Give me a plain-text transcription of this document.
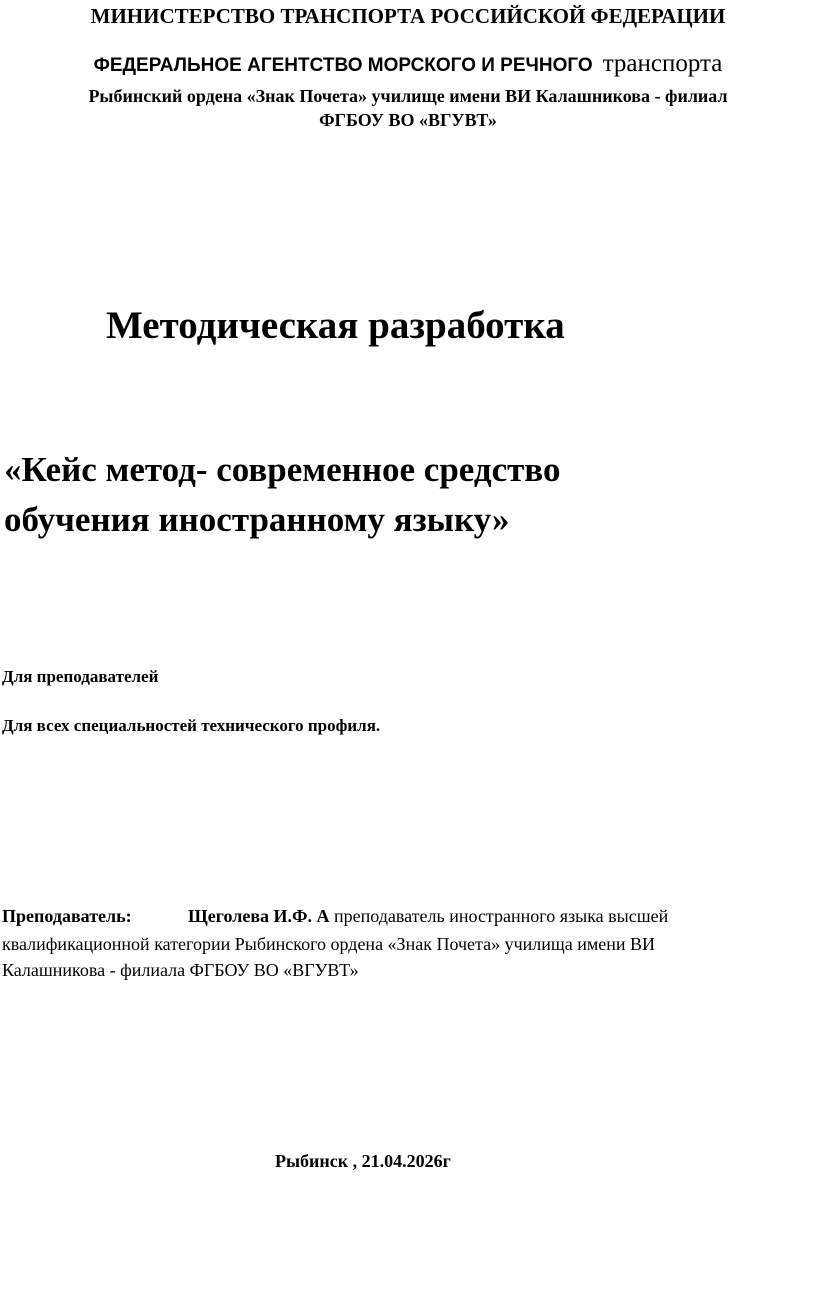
МИНИСТЕРСТВО ТРАНСПОРТА РОССИЙСКОЙ ФЕДЕРАЦИИ

ФЕДЕРАЛЬНОЕ АГЕНТСТВО МОРСКОГО И РЕЧНОГО транспорта

Рыбинский ордена «Знак Почета» училище имени ВИ Калашникова - филиал

ФГБОУ ВО «ВГУВТ»

Методическая разработка

«Кейс метод- современное средство

обучения иностранному языку»

Для преподавателей

Для всех специальностей технического профиля.

Преподаватель:	Щеголева И.Ф. А преподаватель иностранного языка высшей

квалификационной категории Рыбинского ордена «Знак Почета» училища имени ВИ

Калашникова - филиала ФГБОУ ВО «ВГУВТ»

Рыбинск , 21.04.2026г
